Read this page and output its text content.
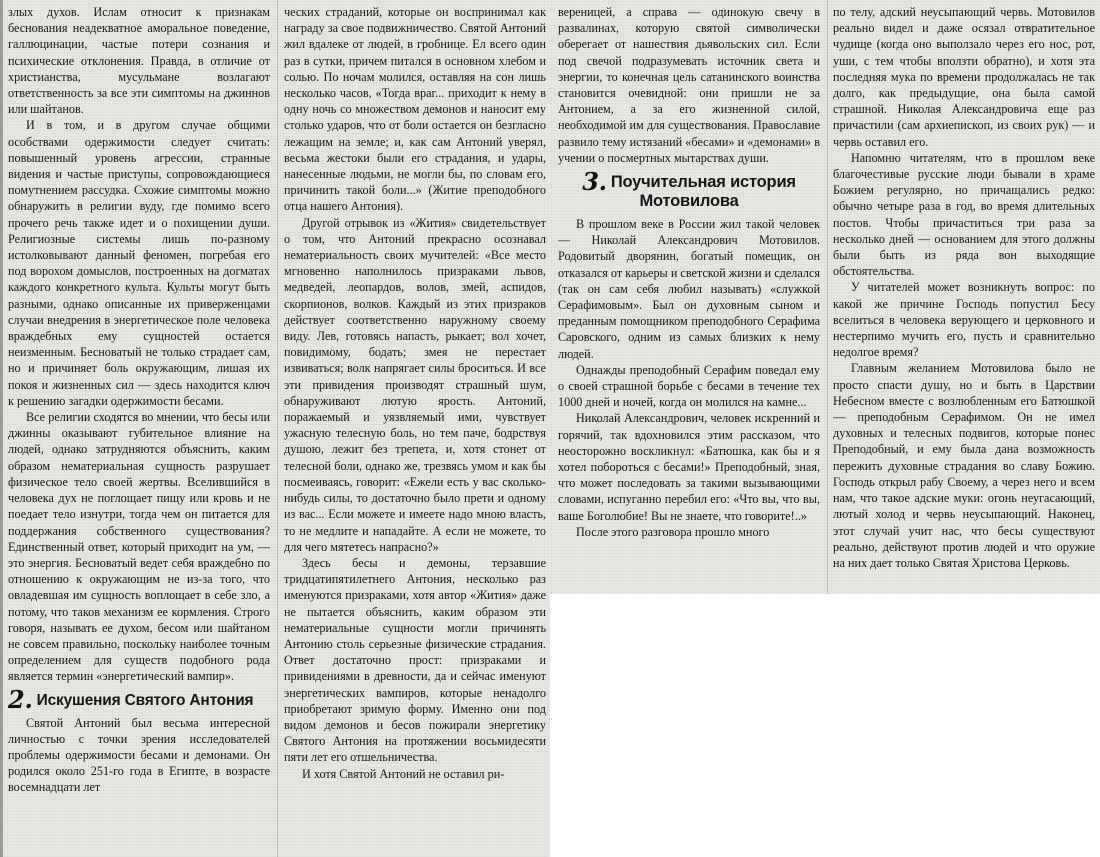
злых духов. Ислам относит к признакам беснования неадекватное аморальное поведение, галлюцинации, частые потери сознания и психические отклонения. Правда, в отличие от христианства, мусульмане возлагают ответственность за все эти симптомы на джиннов или шайтанов.

И в том, и в другом случае общими особствами одержимости следует считать: повышенный уровень агрессии, странные видения и частые приступы, сопровождающиеся помутнением рассудка. Схожие симптомы можно обнаружить в религии вуду, где помимо всего прочего речь также идет и о похищении души. Религиозные системы лишь по-разному истолковывают данный феномен, погребая его под ворохом домыслов, построенных на догматах каждого конкретного культа. Культы могут быть разными, однако описанные их приверженцами случаи внедрения в энергетическое поле человека враждебных ему сущностей остается неизменным. Бесноватый не только страдает сам, но и причиняет боль окружающим, лишая их покоя и жизненных сил — здесь находится ключ к решению загадки одержимости бесами.

Все религии сходятся во мнении, что бесы или джинны оказывают губительное влияние на людей, однако затрудняются объяснить, каким образом нематериальная сущность разрушает физическое тело своей жертвы. Вселившийся в человека дух не поглощает пищу или кровь и не поедает тело изнутри, тогда чем он питается для поддержания собственного существования? Единственный ответ, который приходит на ум, — это энергия. Бесноватый ведет себя враждебно по отношению к окружающим не из-за того, что овладевшая им сущность воплощает в себе зло, а потому, что таков механизм ее кормления. Строго говоря, называть ее духом, бесом или шайтаном не совсем правильно, поскольку наиболее точным определением для существ подобного рода является термин «энергетический вампир».

2. Искушения Святого Антония

Святой Антоний был весьма интересной личностью с точки зрения исследователей проблемы одержимости бесами и демонами. Он родился около 251-го года в Египте, в возрасте восемнадцати лет

ческих страданий, которые он воспринимал как награду за свое подвижничество. Святой Антоний жил вдалеке от людей, в гробнице. Ел всего один раз в сутки, причем питался в основном хлебом и солью. По ночам молился, оставляя на сон лишь несколько часов, «Тогда враг... приходит к нему в одну ночь со множеством демонов и наносит ему столько ударов, что от боли остается он безгласно лежащим на земле; и, как сам Антоний уверял, весьма жестоки были его страдания, и удары, нанесенные людьми, не могли бы, по словам его, причинить такой боли...» (Житие преподобного отца нашего Антония).

Другой отрывок из «Жития» свидетельствует о том, что Антоний прекрасно осознавал нематериальность своих мучителей: «Все место мгновенно наполнилось призраками львов, медведей, леопардов, волов, змей, аспидов, скорпионов, волков. Каждый из этих призраков действует соответственно наружному своему виду. Лев, готовясь напасть, рыкает; вол хочет, повидимому, бодать; змея не перестает извиваться; волк напрягает силы броситься. И все эти привидения производят страшный шум, обнаруживают лютую ярость. Антоний, поражаемый и уязвляемый ими, чувствует ужасную телесную боль, но тем паче, бодрствуя душою, лежит без трепета, и, хотя стонет от телесной боли, однако же, трезвясь умом и как бы посмеиваясь, говорит: «Ежели есть у вас сколько-нибудь силы, то достаточно было прети и одному из вас... Если можете и имеете надо мною власть, то не медлите и нападайте. А если не можете, то для чего мятетесь напрасно?»

Здесь бесы и демоны, терзавшие тридцатипятилетнего Антония, несколько раз именуются призраками, хотя автор «Жития» даже не пытается объяснить, каким образом эти нематериальные сущности могли причинять Антонию столь серьезные физические страдания. Ответ достаточно прост: призраками и привидениями в древности, да и сейчас именуют энергетических вампиров, которые ненадолго приобретают зримую форму. Именно они под видом демонов и бесов пожирали энергетику Святого Антония на протяжении восьмидесяти пяти лет его отшельничества.

И хотя Святой Антоний не оставил ри-

вереницей, а справа — одинокую свечу в развалинах, которую святой символически оберегает от нашествия дьявольских сил. Если под свечой подразумевать источник света и энергии, то конечная цель сатанинского воинства становится очевидной: они пришли не за Антонием, а за его жизненной силой, необходимой им для существования. Православие развило тему истязаний «бесами» и «демонами» в учении о посмертных мытарствах души.

3. Поучительная история Мотовилова

В прошлом веке в России жил такой человек — Николай Александрович Мотовилов. Родовитый дворянин, богатый помещик, он отказался от карьеры и светской жизни и сделался (так он сам себя любил называть) «служкой Серафимовым». Был он духовным сыном и преданным помощником преподобного Серафима Саровского, одним из самых близких к нему людей.

Однажды преподобный Серафим поведал ему о своей страшной борьбе с бесами в течение тех 1000 дней и ночей, когда он молился на камне...

Николай Александрович, человек искренний и горячий, так вдохновился этим рассказом, что неосторожно воскликнул: «Батюшка, как бы и я хотел побороться с бесами!» Преподобный, зная, что может последовать за такими вызывающими словами, испуганно перебил его: «Что вы, что вы, ваше Боголюбие! Вы не знаете, что говорите!..»

После этого разговора прошло много

по телу, адский неусыпающий червь. Мотовилов реально видел и даже осязал отвратительное чудище (когда оно выползало через его нос, рот, уши, с тем чтобы вползти обратно), и хотя эта последняя мука по времени продолжалась не так долго, как предыдущие, она была самой страшной. Николая Александровича еще раз причастили (сам архиепископ, из своих рук) — и червь оставил его.

Напомню читателям, что в прошлом веке благочестивые русские люди бывали в храме Божием регулярно, но причащались редко: обычно четыре раза в год, во время длительных постов. Чтобы причаститься три раза за несколько дней — основанием для этого должны были быть из ряда вон выходящие обстоятельства.

У читателей может возникнуть вопрос: по какой же причине Господь попустил Бесу вселиться в человека верующего и церковного и нестерпимо мучить его, пусть и сравнительно недолгое время?

Главным желанием Мотовилова было не просто спасти душу, но и быть в Царствии Небесном вместе с возлюбленным его Батюшкой — преподобным Серафимом. Он не имел духовных и телесных подвигов, которые понес Преподобный, и ему была дана возможность пережить духовные страдания во славу Божию. Господь открыл рабу Своему, а через него и всем нам, что такое адские муки: огонь неугасающий, лютый холод и червь неусыпающий. Наконец, этот случай учит нас, что бесы существуют реально, действуют против людей и что оружие на них дает только Святая Христова Церковь.
